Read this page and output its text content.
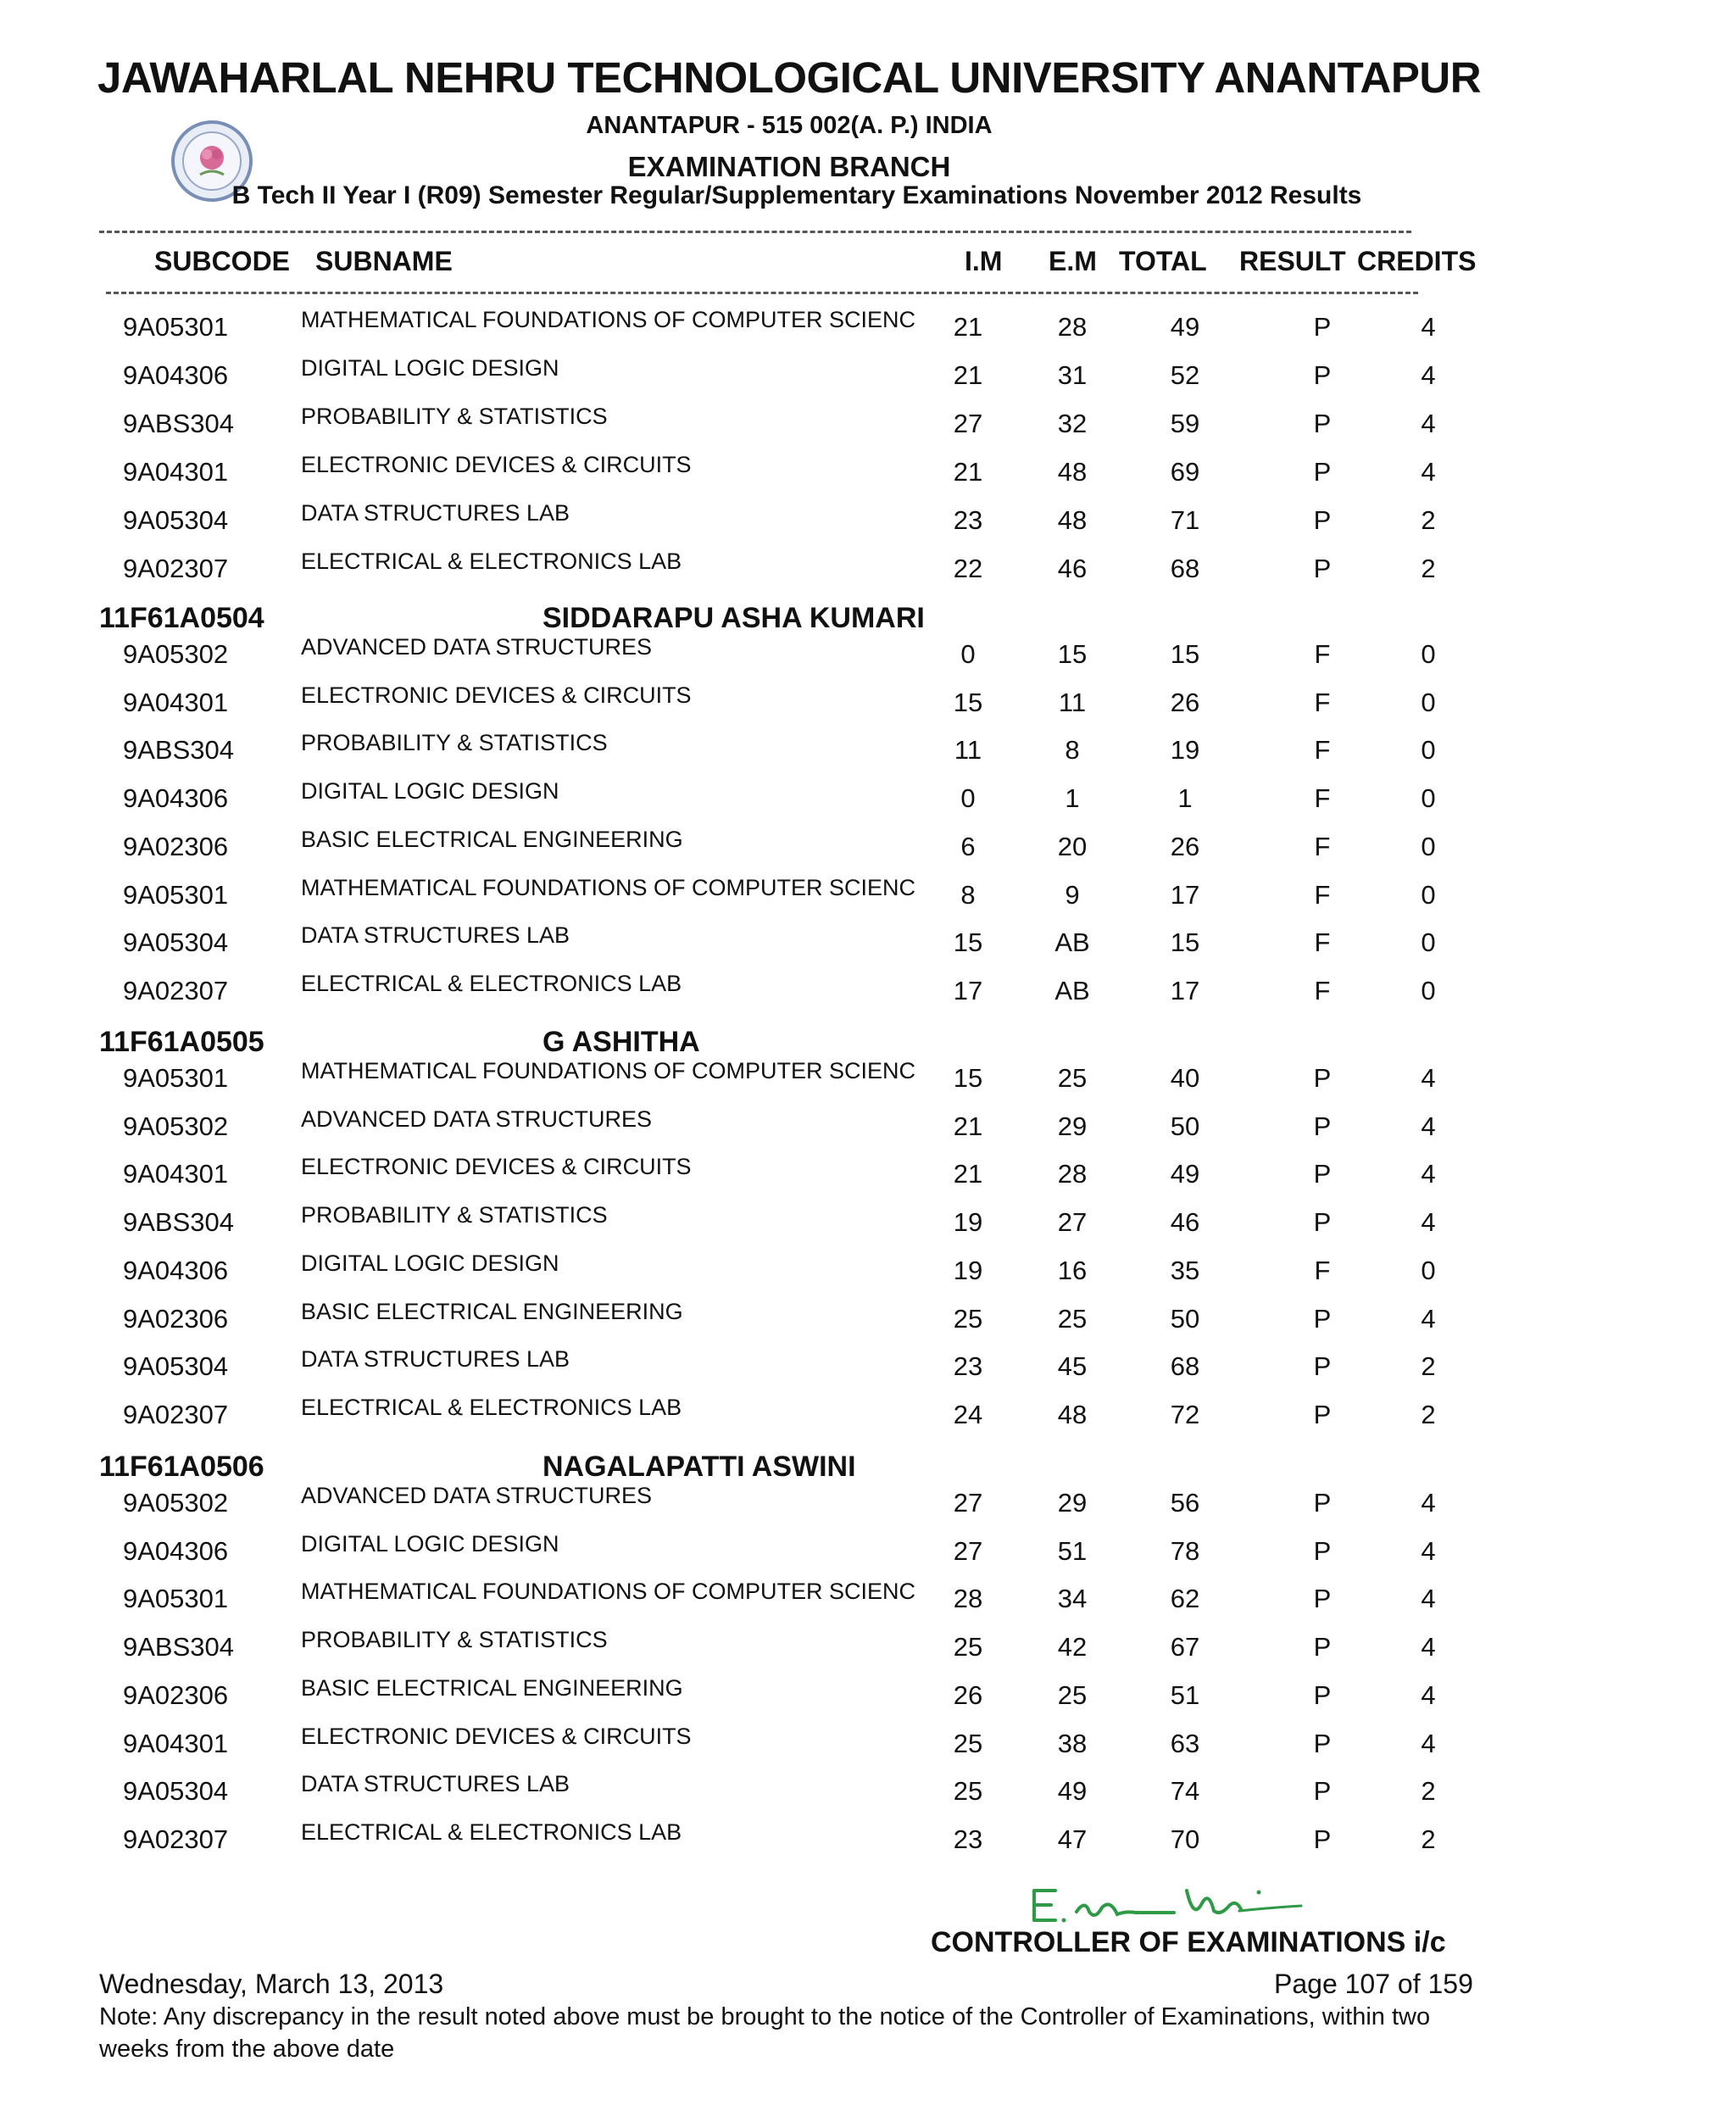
JAWAHARLAL NEHRU TECHNOLOGICAL UNIVERSITY ANANTAPUR
ANANTAPUR - 515 002(A. P.) INDIA
EXAMINATION BRANCH
B Tech II Year I (R09) Semester Regular/Supplementary Examinations November 2012 Results
SUBCODE SUBNAME	I.M E.M TOTAL RESULT CREDITS
9A05301	MATHEMATICAL FOUNDATIONS OF COMPUTER SCIENC	21	28	49	P	4
9A04306	DIGITAL LOGIC DESIGN	21	31	52	P	4
9ABS304	PROBABILITY & STATISTICS	27	32	59	P	4
9A04301	ELECTRONIC DEVICES & CIRCUITS	21	48	69	P	4
9A05304	DATA STRUCTURES LAB	23	48	71	P	2
9A02307	ELECTRICAL & ELECTRONICS LAB	22	46	68	P	2
11F61A0504	SIDDARAPU ASHA KUMARI
9A05302	ADVANCED DATA STRUCTURES	0	15	15	F	0
9A04301	ELECTRONIC DEVICES & CIRCUITS	15	11	26	F	0
9ABS304	PROBABILITY & STATISTICS	11	8	19	F	0
9A04306	DIGITAL LOGIC DESIGN	0	1	1	F	0
9A02306	BASIC ELECTRICAL ENGINEERING	6	20	26	F	0
9A05301	MATHEMATICAL FOUNDATIONS OF COMPUTER SCIENC	8	9	17	F	0
9A05304	DATA STRUCTURES LAB	15	AB	15	F	0
9A02307	ELECTRICAL & ELECTRONICS LAB	17	AB	17	F	0
11F61A0505	G ASHITHA
9A05301	MATHEMATICAL FOUNDATIONS OF COMPUTER SCIENC	15	25	40	P	4
9A05302	ADVANCED DATA STRUCTURES	21	29	50	P	4
9A04301	ELECTRONIC DEVICES & CIRCUITS	21	28	49	P	4
9ABS304	PROBABILITY & STATISTICS	19	27	46	P	4
9A04306	DIGITAL LOGIC DESIGN	19	16	35	F	0
9A02306	BASIC ELECTRICAL ENGINEERING	25	25	50	P	4
9A05304	DATA STRUCTURES LAB	23	45	68	P	2
9A02307	ELECTRICAL & ELECTRONICS LAB	24	48	72	P	2
11F61A0506	NAGALAPATTI ASWINI
9A05302	ADVANCED DATA STRUCTURES	27	29	56	P	4
9A04306	DIGITAL LOGIC DESIGN	27	51	78	P	4
9A05301	MATHEMATICAL FOUNDATIONS OF COMPUTER SCIENC	28	34	62	P	4
9ABS304	PROBABILITY & STATISTICS	25	42	67	P	4
9A02306	BASIC ELECTRICAL ENGINEERING	26	25	51	P	4
9A04301	ELECTRONIC DEVICES & CIRCUITS	25	38	63	P	4
9A05304	DATA STRUCTURES LAB	25	49	74	P	2
9A02307	ELECTRICAL & ELECTRONICS LAB	23	47	70	P	2
CONTROLLER OF EXAMINATIONS i/c
Wednesday, March 13, 2013	Page 107 of 159
Note: Any discrepancy in the result noted above must be brought to the notice of the Controller of Examinations, within two weeks from the above date
